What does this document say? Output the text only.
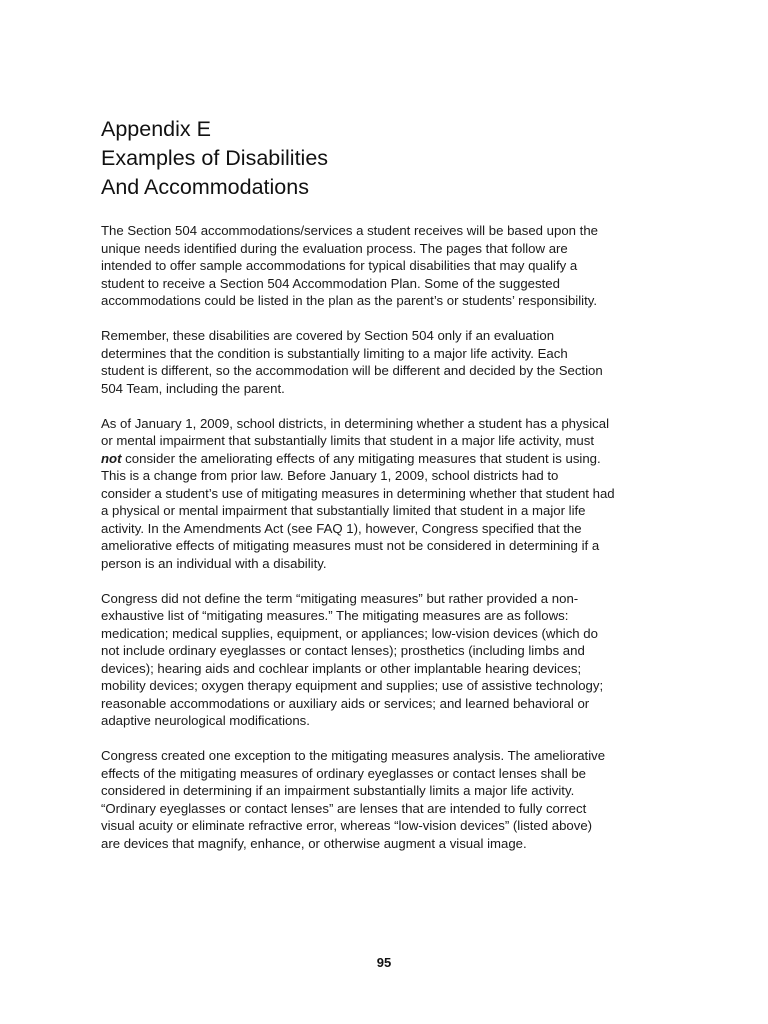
Appendix E
Examples of Disabilities
And Accommodations

The Section 504 accommodations/services a student receives will be based upon the
unique needs identified during the evaluation process. The pages that follow are
intended to offer sample accommodations for typical disabilities that may qualify a
student to receive a Section 504 Accommodation Plan. Some of the suggested
accommodations could be listed in the plan as the parent’s or students’ responsibility.

Remember, these disabilities are covered by Section 504 only if an evaluation
determines that the condition is substantially limiting to a major life activity. Each
student is different, so the accommodation will be different and decided by the Section
504 Team, including the parent.

As of January 1, 2009, school districts, in determining whether a student has a physical
or mental impairment that substantially limits that student in a major life activity, must
not consider the ameliorating effects of any mitigating measures that student is using.
This is a change from prior law. Before January 1, 2009, school districts had to
consider a student’s use of mitigating measures in determining whether that student had
a physical or mental impairment that substantially limited that student in a major life
activity. In the Amendments Act (see FAQ 1), however, Congress specified that the
ameliorative effects of mitigating measures must not be considered in determining if a
person is an individual with a disability.

Congress did not define the term “mitigating measures” but rather provided a non-
exhaustive list of “mitigating measures.” The mitigating measures are as follows:
medication; medical supplies, equipment, or appliances; low-vision devices (which do
not include ordinary eyeglasses or contact lenses); prosthetics (including limbs and
devices); hearing aids and cochlear implants or other implantable hearing devices;
mobility devices; oxygen therapy equipment and supplies; use of assistive technology;
reasonable accommodations or auxiliary aids or services; and learned behavioral or
adaptive neurological modifications.

Congress created one exception to the mitigating measures analysis. The ameliorative
effects of the mitigating measures of ordinary eyeglasses or contact lenses shall be
considered in determining if an impairment substantially limits a major life activity.
“Ordinary eyeglasses or contact lenses” are lenses that are intended to fully correct
visual acuity or eliminate refractive error, whereas “low-vision devices” (listed above)
are devices that magnify, enhance, or otherwise augment a visual image.

95
